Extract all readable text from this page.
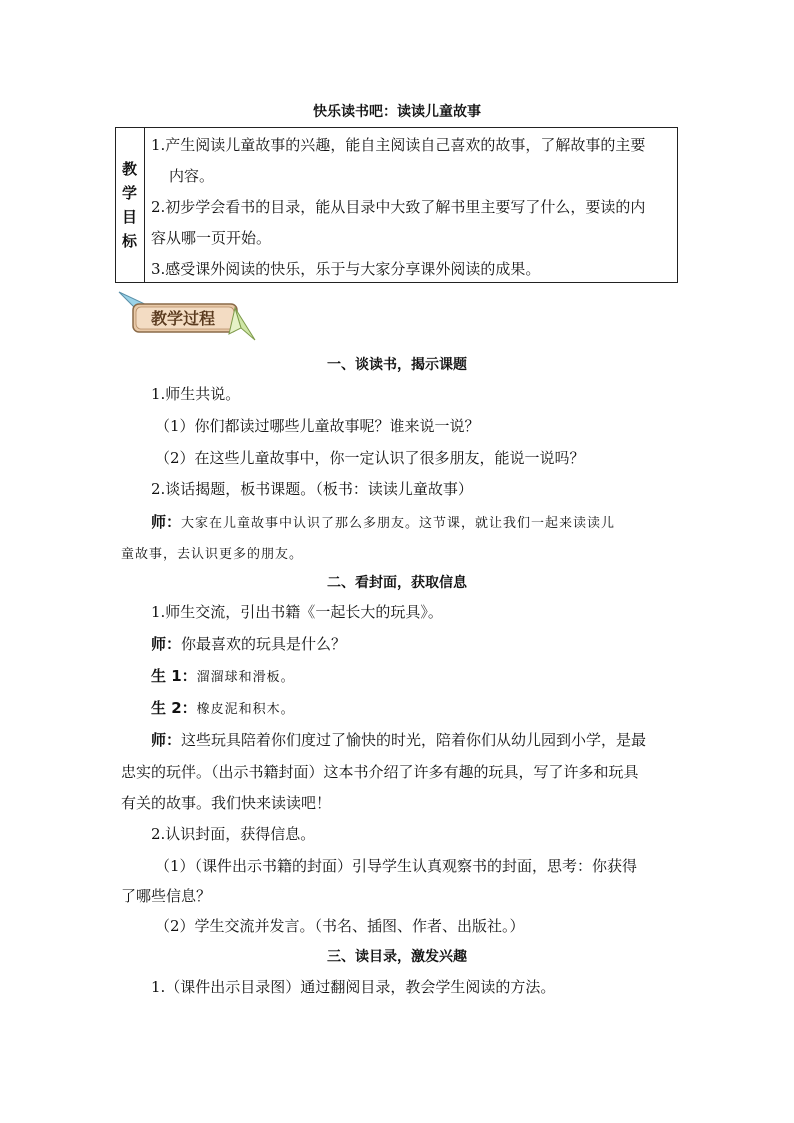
快乐读书吧：读读儿童故事
教
学
目
标
1.产生阅读儿童故事的兴趣，能自主阅读自己喜欢的故事，了解故事的主要
内容。
2.初步学会看书的目录，能从目录中大致了解书里主要写了什么，要读的内
容从哪一页开始。
3.感受课外阅读的快乐，乐于与大家分享课外阅读的成果。
教学过程
一、谈读书，揭示课题
1.师生共说。
（1）你们都读过哪些儿童故事呢？谁来说一说？
（2）在这些儿童故事中，你一定认识了很多朋友，能说一说吗？
2.谈话揭题，板书课题。（板书：读读儿童故事）
师：大家在儿童故事中认识了那么多朋友。这节课，就让我们一起来读读儿
童故事，去认识更多的朋友。
二、看封面，获取信息
1.师生交流，引出书籍《一起长大的玩具》。
师：你最喜欢的玩具是什么？
生 1：溜溜球和滑板。
生 2：橡皮泥和积木。
师：这些玩具陪着你们度过了愉快的时光，陪着你们从幼儿园到小学，是最
忠实的玩伴。（出示书籍封面）这本书介绍了许多有趣的玩具，写了许多和玩具
有关的故事。我们快来读读吧！
2.认识封面，获得信息。
（1）（课件出示书籍的封面）引导学生认真观察书的封面，思考：你获得
了哪些信息？
（2）学生交流并发言。（书名、插图、作者、出版社。）
三、读目录，激发兴趣
1.（课件出示目录图）通过翻阅目录，教会学生阅读的方法。
